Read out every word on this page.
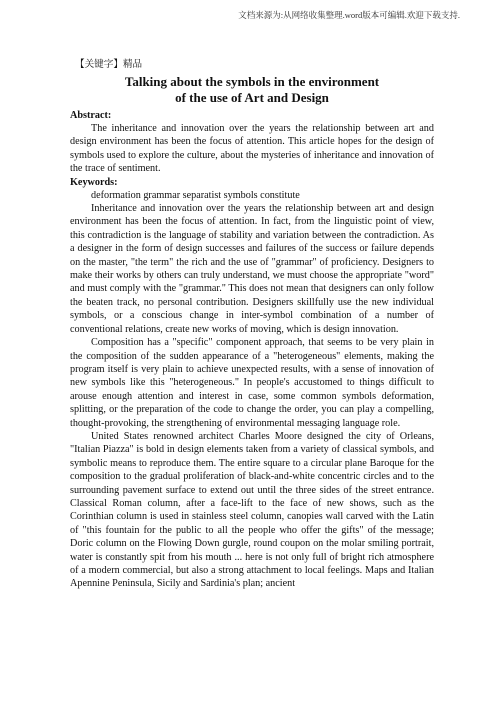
文档来源为:从网络收集整理.word版本可编辑.欢迎下载支持.
【关键字】精品
Talking about the symbols in the environment
of the use of Art and Design
Abstract:
The inheritance and innovation over the years the relationship between art and design environment has been the focus of attention. This article hopes for the design of symbols used to explore the culture, about the mysteries of inheritance and innovation of the trace of sentiment.
Keywords:
deformation grammar separatist symbols constitute
Inheritance and innovation over the years the relationship between art and design environment has been the focus of attention. In fact, from the linguistic point of view, this contradiction is the language of stability and variation between the contradiction. As a designer in the form of design successes and failures of the success or failure depends on the master, "the term" the rich and the use of "grammar" of proficiency. Designers to make their works by others can truly understand, we must choose the appropriate "word" and must comply with the "grammar." This does not mean that designers can only follow the beaten track, no personal contribution. Designers skillfully use the new individual symbols, or a conscious change in inter-symbol combination of a number of conventional relations, create new works of moving, which is design innovation.
Composition has a "specific" component approach, that seems to be very plain in the composition of the sudden appearance of a "heterogeneous" elements, making the program itself is very plain to achieve unexpected results, with a sense of innovation of new symbols like this "heterogeneous." In people's accustomed to things difficult to arouse enough attention and interest in case, some common symbols deformation, splitting, or the preparation of the code to change the order, you can play a compelling, thought-provoking, the strengthening of environmental messaging language role.
United States renowned architect Charles Moore designed the city of Orleans, "Italian Piazza" is bold in design elements taken from a variety of classical symbols, and symbolic means to reproduce them. The entire square to a circular plane Baroque for the composition to the gradual proliferation of black-and-white concentric circles and to the surrounding pavement surface to extend out until the three sides of the street entrance. Classical Roman column, after a face-lift to the face of new shows, such as the Corinthian column is used in stainless steel column, canopies wall carved with the Latin of "this fountain for the public to all the people who offer the gifts" of the message; Doric column on the Flowing Down gurgle, round coupon on the molar smiling portrait, water is constantly spit from his mouth ... here is not only full of bright rich atmosphere of a modern commercial, but also a strong attachment to local feelings. Maps and Italian Apennine Peninsula, Sicily and Sardinia's plan; ancient
